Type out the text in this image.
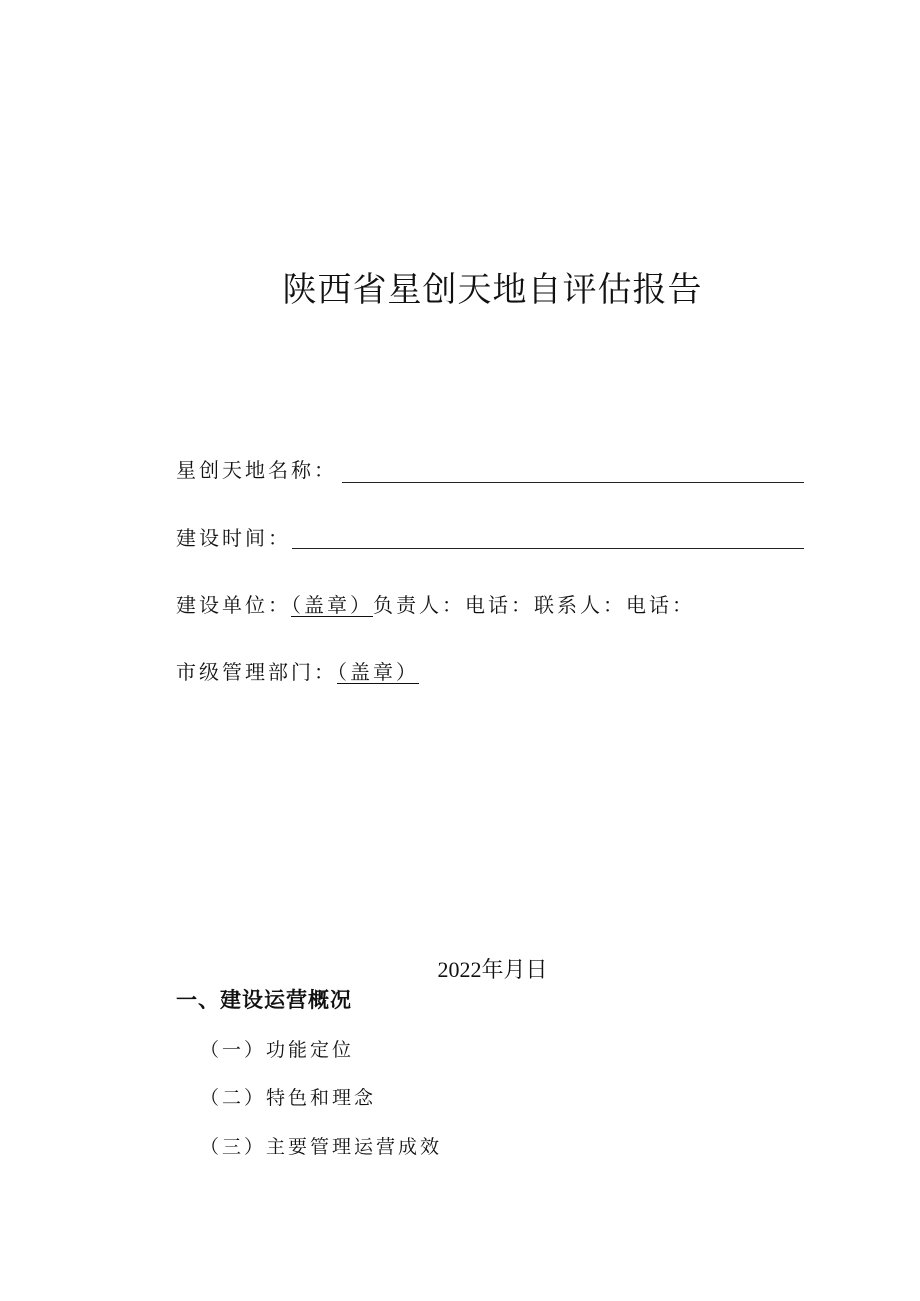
陕西省星创天地自评估报告
星创天地名称：
建设时间：
建设单位：（盖章）负责人：电话：联系人：电话：
市级管理部门：（盖章）
2022年月日
一、建设运营概况
（一）功能定位
（二）特色和理念
（三）主要管理运营成效
